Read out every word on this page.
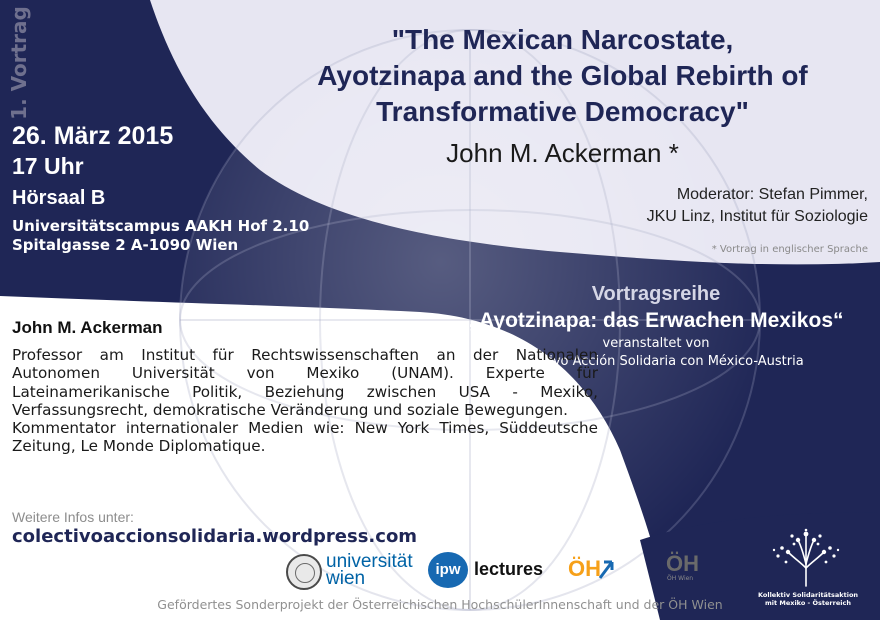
1. Vortrag
26. März 2015
17 Uhr
Hörsaal B
Universitätscampus AAKH Hof 2.10
Spitalgasse 2 A-1090 Wien
"The Mexican Narcostate,
Ayotzinapa and the Global Rebirth of
Transformative Democracy"
John M. Ackerman *
Moderator: Stefan Pimmer,
JKU Linz, Institut für Soziologie
* Vortrag in englischer Sprache
Vortragsreihe
„Ayotzinapa: das Erwachen Mexikos“
veranstaltet von
Colectivo Acción Solidaria con México-Austria
John M. Ackerman

Professor am Institut für Rechtswissenschaften an der Nationalen Autonomen Universität von Mexiko (UNAM). Experte für Lateinamerikanische Politik, Beziehung zwischen USA - Mexiko, Verfassungsrecht, demokratische Veränderung und soziale Bewegungen.

Kommentator internationaler Medien wie: New York Times, Süddeutsche Zeitung, Le Monde Diplomatique.

Weitere Infos unter:
colectivoaccionsolidaria.wordpress.com
universität
wien	ipw lectures ÖH	ÖH
ÖH Wien
Kollektiv Solidaritätsaktion
mit Mexiko - Österreich
Gefördertes Sonderprojekt der Österreichischen HochschülerInnenschaft und der ÖH Wien
